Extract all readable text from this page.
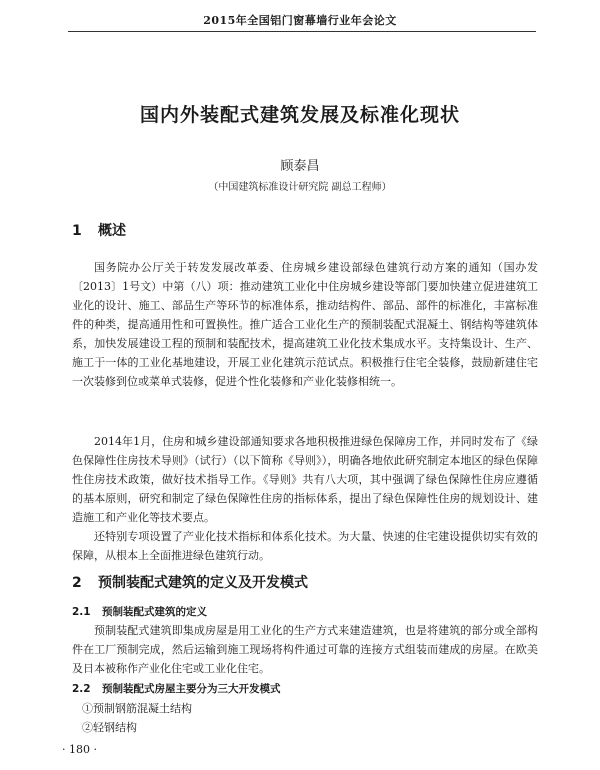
2015年全国铝门窗幕墙行业年会论文
国内外装配式建筑发展及标准化现状
顾泰昌
（中国建筑标准设计研究院 副总工程师）
1 概述

国务院办公厅关于转发发展改革委、住房城乡建设部绿色建筑行动方案的通知（国办发〔2013〕1号文）中第（八）项：推动建筑工业化中住房城乡建设等部门要加快建立促进建筑工业化的设计、施工、部品生产等环节的标准体系，推动结构件、部品、部件的标准化，丰富标准件的种类，提高通用性和可置换性。推广适合工业化生产的预制装配式混凝土、钢结构等建筑体系，加快发展建设工程的预制和装配技术，提高建筑工业化技术集成水平。支持集设计、生产、施工于一体的工业化基地建设，开展工业化建筑示范试点。积极推行住宅全装修，鼓励新建住宅一次装修到位或菜单式装修，促进个性化装修和产业化装修相统一。

2014年1月，住房和城乡建设部通知要求各地积极推进绿色保障房工作，并同时发布了《绿色保障性住房技术导则》（试行）（以下简称《导则》），明确各地依此研究制定本地区的绿色保障性住房技术政策，做好技术指导工作。《导则》共有八大项，其中强调了绿色保障性住房应遵循的基本原则，研究和制定了绿色保障性住房的指标体系，提出了绿色保障性住房的规划设计、建造施工和产业化等技术要点。

还特别专项设置了产业化技术指标和体系化技术。为大量、快速的住宅建设提供切实有效的保障，从根本上全面推进绿色建筑行动。

2 预制装配式建筑的定义及开发模式
2.1 预制装配式建筑的定义

预制装配式建筑即集成房屋是用工业化的生产方式来建造建筑，也是将建筑的部分或全部构件在工厂预制完成，然后运输到施工现场将构件通过可靠的连接方式组装而建成的房屋。在欧美及日本被称作产业化住宅或工业化住宅。

2.2 预制装配式房屋主要分为三大开发模式
①预制钢筋混凝土结构
②轻钢结构
· 180 ·
